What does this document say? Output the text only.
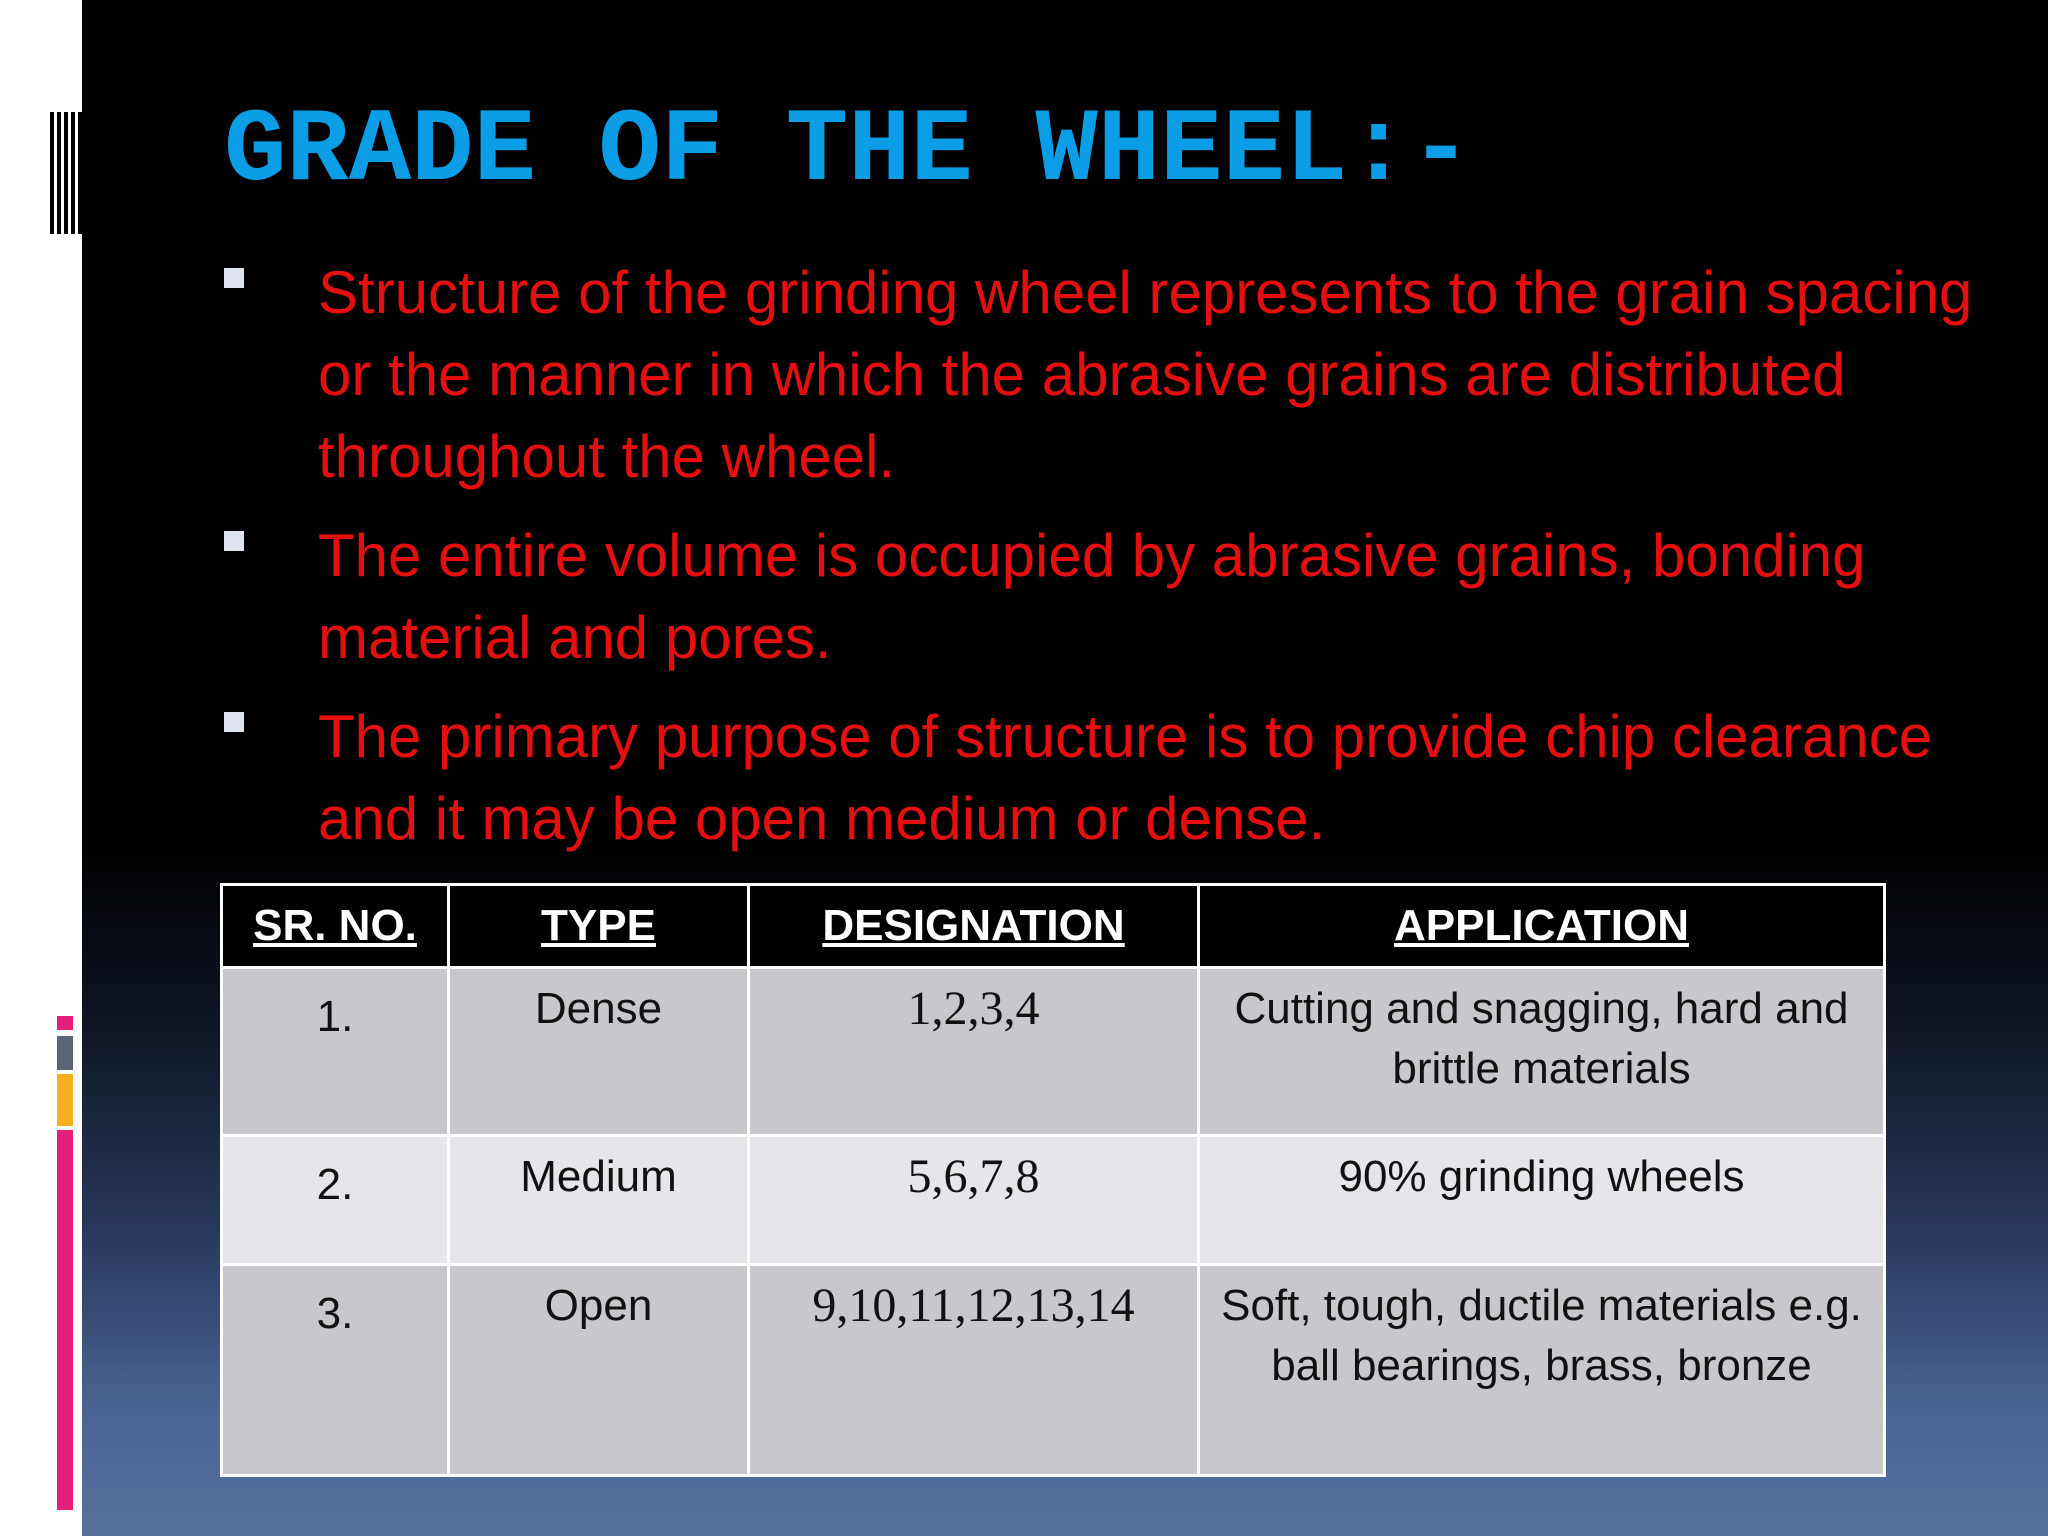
GRADE OF THE WHEEL:-
Structure of the grinding wheel represents to the grain spacing or the manner in which the abrasive grains are distributed throughout the wheel.
The entire volume is occupied by abrasive grains, bonding material and pores.
The primary purpose of structure is to provide chip clearance and it may be open medium or dense.
SR. NO.	TYPE	DESIGNATION	APPLICATION
1.	Dense	1,2,3,4	Cutting and snagging, hard and brittle materials
2.	Medium	5,6,7,8	90% grinding wheels
3.	Open	9,10,11,12,13,14	Soft, tough, ductile materials e.g. ball bearings, brass, bronze
